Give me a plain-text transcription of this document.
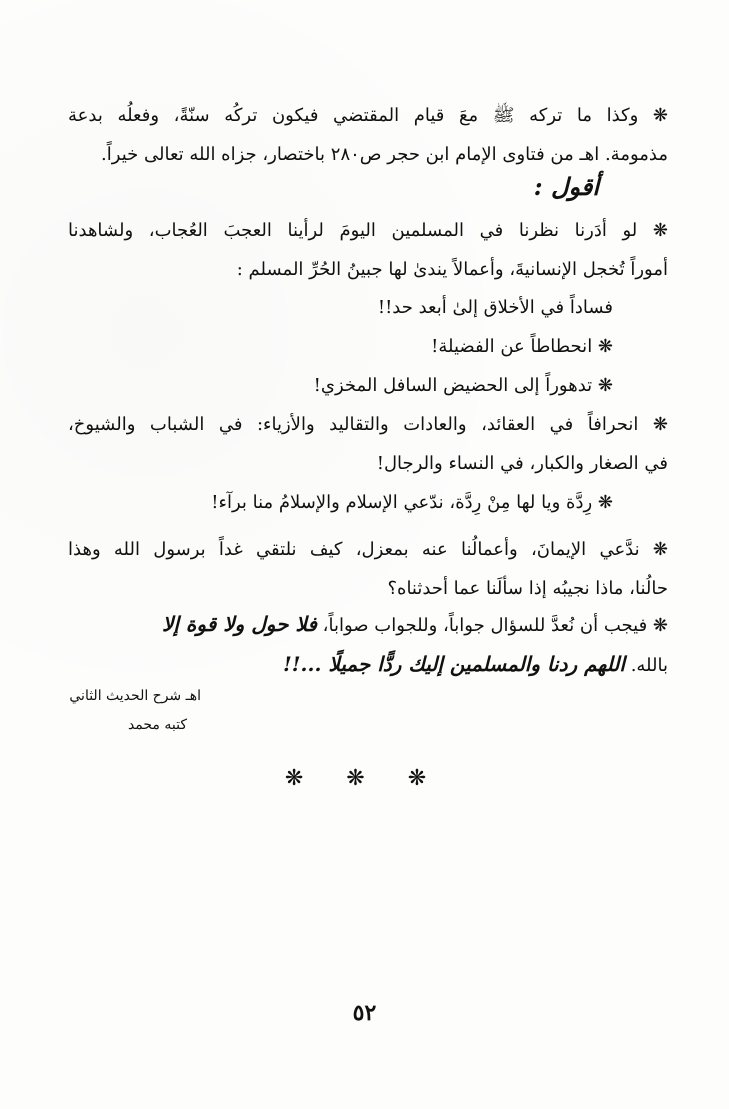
❋ وكذا ما تركه ﷺ معَ قيام المقتضي فيكون تركُه سنّةً، وفعلُه بدعة
مذمومة. اهـ من فتاوى الإمام ابن حجر ص٢٨٠ باختصار، جزاه الله تعالى خيراً.
أقول :
❋ لو أدَرنا نظرنا في المسلمين اليومَ لرأينا العجبَ العُجاب، ولشاهدنا
أموراً تُخجل الإنسانيةَ، وأعمالاً يندىٰ لها جبينُ الحُرِّ المسلم :
فساداً في الأخلاق إلىٰ أبعد حد!!
❋ انحطاطاً عن الفضيلة!
❋ تدهوراً إلى الحضيض السافل المخزي!
❋ انحرافاً في العقائد، والعادات والتقاليد والأزياء: في الشباب والشيوخ،
في الصغار والكبار، في النساء والرجال!
❋ رِدَّة ويا لها مِنْ رِدَّة، ندّعي الإسلام والإسلامُ منا برآء!
❋ ندَّعي الإيمانَ، وأعمالُنا عنه بمعزل، كيف نلتقي غداً برسول الله وهذا
حالُنا، ماذا نجيبُه إذا سألَنا عما أحدثناه؟
❋ فيجب أن نُعدَّ للسؤال جواباً، وللجواب صواباً، فلا حول ولا قوة إلا
بالله. اللهم ردنا والمسلمين إليك ردًّا جميلًا ...!!
اهـ شرح الحديث الثاني
كتبه محمد
❋ ❋ ❋
٥٢
